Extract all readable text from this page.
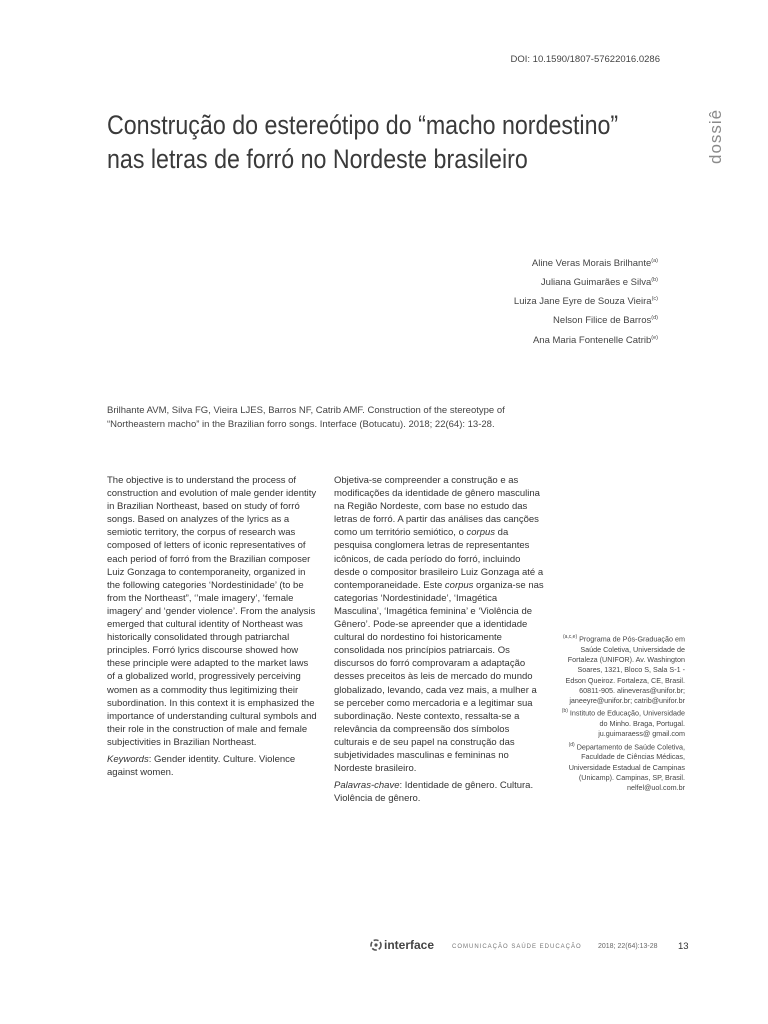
DOI: 10.1590/1807-57622016.0286
dossiê
Construção do estereótipo do “macho nordestino”
nas letras de forró no Nordeste brasileiro
Aline Veras Morais Brilhante$^{(a)}$
Juliana Guimarães e Silva$^{(b)}$
Luiza Jane Eyre de Souza Vieira$^{(c)}$
Nelson Filice de Barros$^{(d)}$
Ana Maria Fontenelle Catrib$^{(e)}$
Brilhante AVM, Silva FG, Vieira LJES, Barros NF, Catrib AMF. Construction of the stereotype of “Northeastern macho” in the Brazilian forro songs. Interface (Botucatu). 2018; 22(64): 13-28.

The objective is to understand the process of construction and evolution of male gender identity in Brazilian Northeast, based on study of forró songs. Based on analyzes of the lyrics as a semiotic territory, the corpus of research was composed of letters of iconic representatives of each period of forró from the Brazilian composer Luiz Gonzaga to contemporaneity, organized in the following categories ‘Nordestinidade’ (to be from the Northeast”, ‘’male imagery’, ‘female imagery’ and ‘gender violence’. From the analysis emerged that cultural identity of Northeast was historically consolidated through patriarchal principles. Forró lyrics discourse showed how these principle were adapted to the market laws of a globalized world, progressively perceiving women as a commodity thus legitimizing their subordination. In this context it is emphasized the importance of understanding cultural symbols and their role in the construction of male and female subjectivities in Brazilian Northeast.

Keywords: Gender identity. Culture. Violence against women.

Objetiva-se compreender a construção e as modificações da identidade de gênero masculina na Região Nordeste, com base no estudo das letras de forró. A partir das análises das canções como um território semiótico, o corpus da pesquisa conglomera letras de representantes icônicos, de cada período do forró, incluindo desde o compositor brasileiro Luiz Gonzaga até a contemporaneidade. Este corpus organiza-se nas categorias ‘Nordestinidade’, ‘Imagética Masculina’, ‘Imagética feminina’ e ‘Violência de Gênero’. Pode-se apreender que a identidade cultural do nordestino foi historicamente consolidada nos princípios patriarcais. Os discursos do forró comprovaram a adaptação desses preceitos às leis de mercado do mundo globalizado, levando, cada vez mais, a mulher a se perceber como mercadoria e a legitimar sua subordinação. Neste contexto, ressalta-se a relevância da compreensão dos símbolos culturais e de seu papel na construção das subjetividades masculinas e femininas no Nordeste brasileiro.

Palavras-chave: Identidade de gênero. Cultura. Violência de gênero.

$^{(a,c,e)}$ Programa de Pós-Graduação em Saúde Coletiva, Universidade de Fortaleza (UNIFOR). Av. Washington Soares, 1321, Bloco S, Sala S-1 - Edson Queiroz. Fortaleza, CE, Brasil. 60811-905. alineveras@unifor.br; janeeyre@unifor.br; catrib@unifor.br

$^{(b)}$ Instituto de Educação, Universidade do Minho. Braga, Portugal. ju.guimaraess@ gmail.com

$^{(d)}$ Departamento de Saúde Coletiva, Faculdade de Ciências Médicas, Universidade Estadual de Campinas (Unicamp). Campinas, SP, Brasil. nelfel@uol.com.br

interface	COMUNICAÇÃO SAÚDE EDUCAÇÃO 2018; 22(64):13-28 13
